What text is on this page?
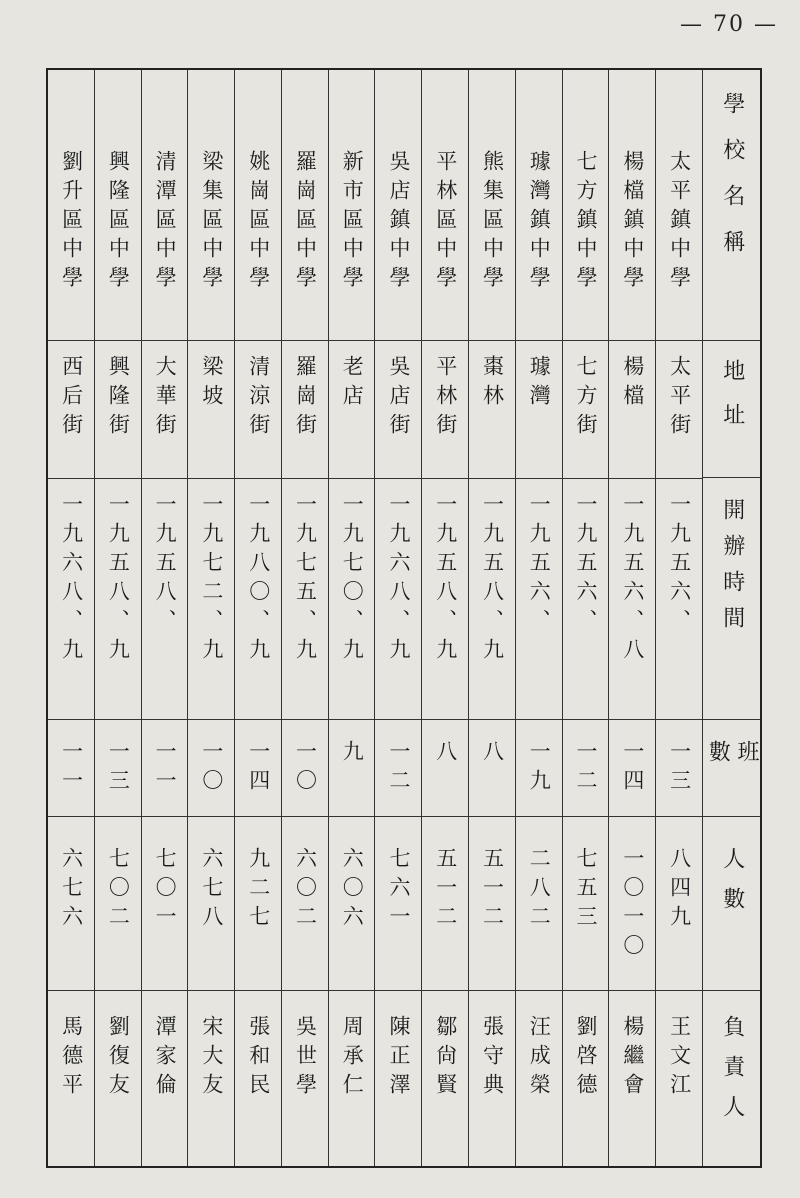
— 70 —
學校名稱
地址
開辦時間
班數
人數
負責人
太平鎮中學
太平街
一九五六、
一三
八四九
王文江
楊檔鎮中學
楊檔
一九五六、八
一四
一〇一〇
楊繼會
七方鎮中學
七方街
一九五六、
一二
七五三
劉啓德
璩灣鎮中學
璩灣
一九五六、
一九
二八二
汪成榮
熊集區中學
棗林
一九五八、九
八
五一二
張守典
平林區中學
平林街
一九五八、九
八
五一二
鄒尙賢
吳店鎮中學
吳店街
一九六八、九
一二
七六一
陳正澤
新市區中學
老店
一九七〇、九
九
六〇六
周承仁
羅崗區中學
羅崗街
一九七五、九
一〇
六〇二
吳世學
姚崗區中學
清涼街
一九八〇、九
一四
九二七
張和民
梁集區中學
梁坡
一九七二、九
一〇
六七八
宋大友
清潭區中學
大華街
一九五八、
一一
七〇一
潭家倫
興隆區中學
興隆街
一九五八、九
一三
七〇二
劉復友
劉升區中學
西后街
一九六八、九
一一
六七六
馬德平
